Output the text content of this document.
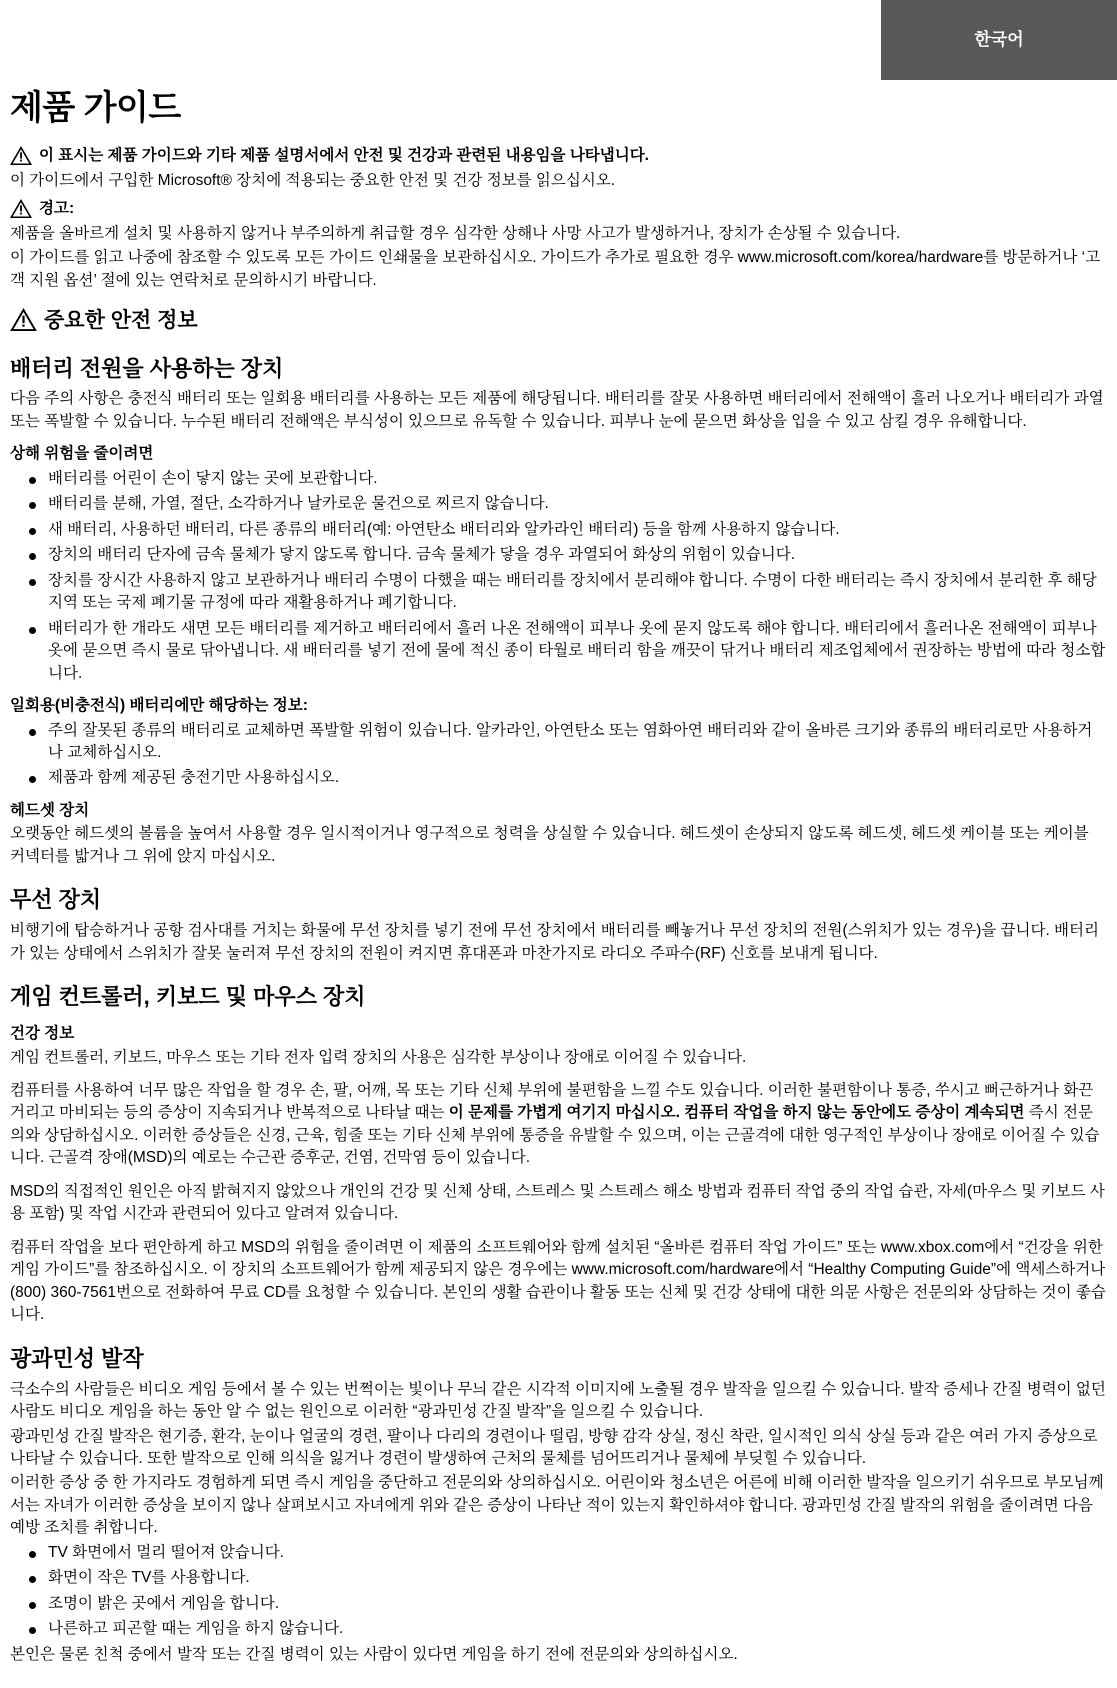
한국어
제품 가이드
이 표시는 제품 가이드와 기타 제품 설명서에서 안전 및 건강과 관련된 내용임을 나타냅니다.

이 가이드에서 구입한 Microsoft® 장치에 적용되는 중요한 안전 및 건강 정보를 읽으십시오.

경고:

제품을 올바르게 설치 및 사용하지 않거나 부주의하게 취급할 경우 심각한 상해나 사망 사고가 발생하거나, 장치가 손상될 수 있습니다.

이 가이드를 읽고 나중에 참조할 수 있도록 모든 가이드 인쇄물을 보관하십시오. 가이드가 추가로 필요한 경우 www.microsoft.com/korea/hardware를 방문하거나 ‘고객 지원 옵션’ 절에 있는 연락처로 문의하시기 바랍니다.

중요한 안전 정보
배터리 전원을 사용하는 장치

다음 주의 사항은 충전식 배터리 또는 일회용 배터리를 사용하는 모든 제품에 해당됩니다. 배터리를 잘못 사용하면 배터리에서 전해액이 흘러 나오거나 배터리가 과열 또는 폭발할 수 있습니다. 누수된 배터리 전해액은 부식성이 있으므로 유독할 수 있습니다. 피부나 눈에 묻으면 화상을 입을 수 있고 삼킬 경우 유해합니다.

상해 위험을 줄이려면
배터리를 어린이 손이 닿지 않는 곳에 보관합니다.
배터리를 분해, 가열, 절단, 소각하거나 날카로운 물건으로 찌르지 않습니다.
새 배터리, 사용하던 배터리, 다른 종류의 배터리(예: 아연탄소 배터리와 알카라인 배터리) 등을 함께 사용하지 않습니다.
장치의 배터리 단자에 금속 물체가 닿지 않도록 합니다. 금속 물체가 닿을 경우 과열되어 화상의 위험이 있습니다.
장치를 장시간 사용하지 않고 보관하거나 배터리 수명이 다했을 때는 배터리를 장치에서 분리해야 합니다. 수명이 다한 배터리는 즉시 장치에서 분리한 후 해당 지역 또는 국제 폐기물 규정에 따라 재활용하거나 폐기합니다.
배터리가 한 개라도 새면 모든 배터리를 제거하고 배터리에서 흘러 나온 전해액이 피부나 옷에 묻지 않도록 해야 합니다. 배터리에서 흘러나온 전해액이 피부나 옷에 묻으면 즉시 물로 닦아냅니다. 새 배터리를 넣기 전에 물에 적신 종이 타월로 배터리 함을 깨끗이 닦거나 배터리 제조업체에서 권장하는 방법에 따라 청소합니다.
일회용(비충전식) 배터리에만 해당하는 정보:
주의 잘못된 종류의 배터리로 교체하면 폭발할 위험이 있습니다. 알카라인, 아연탄소 또는 염화아연 배터리와 같이 올바른 크기와 종류의 배터리로만 사용하거나 교체하십시오.
제품과 함께 제공된 충전기만 사용하십시오.
헤드셋 장치

오랫동안 헤드셋의 볼륨을 높여서 사용할 경우 일시적이거나 영구적으로 청력을 상실할 수 있습니다. 헤드셋이 손상되지 않도록 헤드셋, 헤드셋 케이블 또는 케이블 커넥터를 밟거나 그 위에 앉지 마십시오.

무선 장치

비행기에 탑승하거나 공항 검사대를 거치는 화물에 무선 장치를 넣기 전에 무선 장치에서 배터리를 빼놓거나 무선 장치의 전원(스위치가 있는 경우)을 끕니다. 배터리가 있는 상태에서 스위치가 잘못 눌러져 무선 장치의 전원이 켜지면 휴대폰과 마찬가지로 라디오 주파수(RF) 신호를 보내게 됩니다.

게임 컨트롤러, 키보드 및 마우스 장치
건강 정보

게임 컨트롤러, 키보드, 마우스 또는 기타 전자 입력 장치의 사용은 심각한 부상이나 장애로 이어질 수 있습니다.

컴퓨터를 사용하여 너무 많은 작업을 할 경우 손, 팔, 어깨, 목 또는 기타 신체 부위에 불편함을 느낄 수도 있습니다. 이러한 불편함이나 통증, 쑤시고 뻐근하거나 화끈거리고 마비되는 등의 증상이 지속되거나 반복적으로 나타날 때는 이 문제를 가볍게 여기지 마십시오. 컴퓨터 작업을 하지 않는 동안에도 증상이 계속되면 즉시 전문의와 상담하십시오. 이러한 증상들은 신경, 근육, 힘줄 또는 기타 신체 부위에 통증을 유발할 수 있으며, 이는 근골격에 대한 영구적인 부상이나 장애로 이어질 수 있습니다. 근골격 장애(MSD)의 예로는 수근관 증후군, 건염, 건막염 등이 있습니다.

MSD의 직접적인 원인은 아직 밝혀지지 않았으나 개인의 건강 및 신체 상태, 스트레스 및 스트레스 해소 방법과 컴퓨터 작업 중의 작업 습관, 자세(마우스 및 키보드 사용 포함) 및 작업 시간과 관련되어 있다고 알려져 있습니다.

컴퓨터 작업을 보다 편안하게 하고 MSD의 위험을 줄이려면 이 제품의 소프트웨어와 함께 설치된 “올바른 컴퓨터 작업 가이드” 또는 www.xbox.com에서 “건강을 위한 게임 가이드”를 참조하십시오. 이 장치의 소프트웨어가 함께 제공되지 않은 경우에는 www.microsoft.com/hardware에서 “Healthy Computing Guide”에 액세스하거나 (800) 360-7561번으로 전화하여 무료 CD를 요청할 수 있습니다. 본인의 생활 습관이나 활동 또는 신체 및 건강 상태에 대한 의문 사항은 전문의와 상담하는 것이 좋습니다.

광과민성 발작

극소수의 사람들은 비디오 게임 등에서 볼 수 있는 번쩍이는 빛이나 무늬 같은 시각적 이미지에 노출될 경우 발작을 일으킬 수 있습니다. 발작 증세나 간질 병력이 없던 사람도 비디오 게임을 하는 동안 알 수 없는 원인으로 이러한 “광과민성 간질 발작”을 일으킬 수 있습니다.

광과민성 간질 발작은 현기증, 환각, 눈이나 얼굴의 경련, 팔이나 다리의 경련이나 떨림, 방향 감각 상실, 정신 착란, 일시적인 의식 상실 등과 같은 여러 가지 증상으로 나타날 수 있습니다. 또한 발작으로 인해 의식을 잃거나 경련이 발생하여 근처의 물체를 넘어뜨리거나 물체에 부딪힐 수 있습니다.

이러한 증상 중 한 가지라도 경험하게 되면 즉시 게임을 중단하고 전문의와 상의하십시오. 어린이와 청소년은 어른에 비해 이러한 발작을 일으키기 쉬우므로 부모님께서는 자녀가 이러한 증상을 보이지 않나 살펴보시고 자녀에게 위와 같은 증상이 나타난 적이 있는지 확인하셔야 합니다. 광과민성 간질 발작의 위험을 줄이려면 다음 예방 조치를 취합니다.

TV 화면에서 멀리 떨어져 앉습니다.
화면이 작은 TV를 사용합니다.
조명이 밝은 곳에서 게임을 합니다.
나른하고 피곤할 때는 게임을 하지 않습니다.

본인은 물론 친척 중에서 발작 또는 간질 병력이 있는 사람이 있다면 게임을 하기 전에 전문의와 상의하십시오.
